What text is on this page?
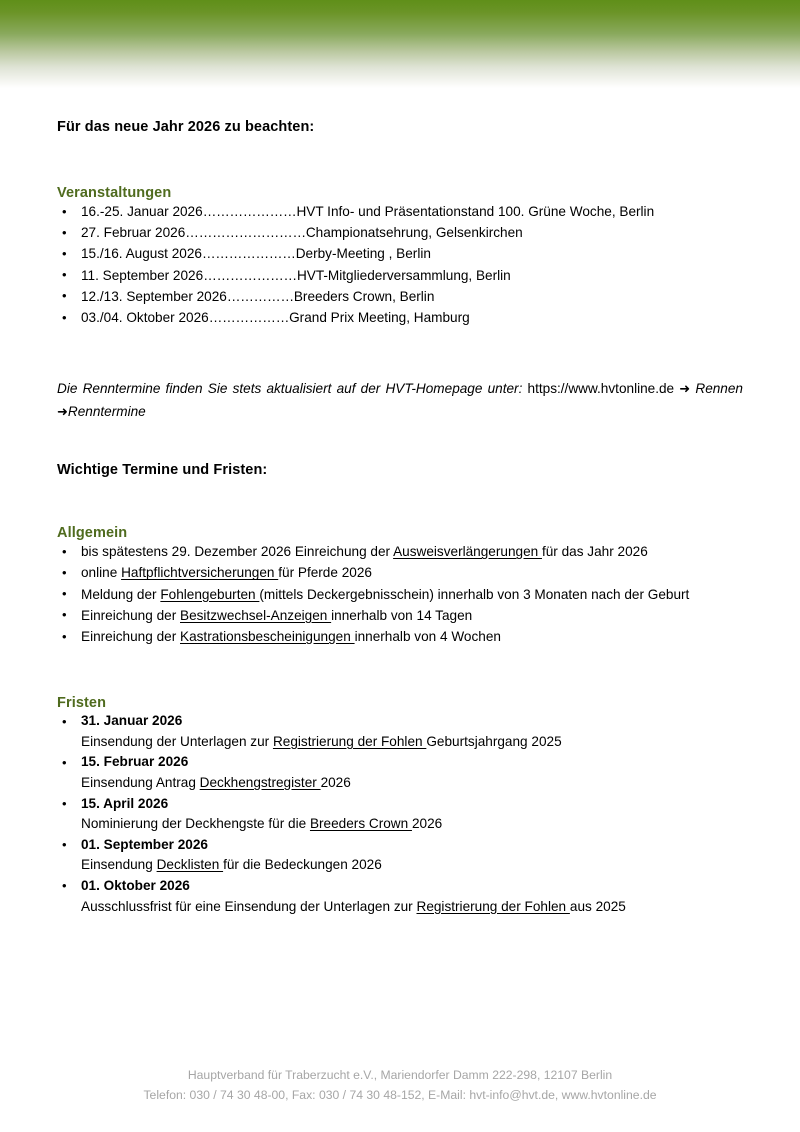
Für das neue Jahr 2026 zu beachten:
Veranstaltungen
• 16.-25. Januar 2026…………………HVT Info- und Präsentationstand 100. Grüne Woche, Berlin
• 27. Februar 2026………………………Championatsehrung, Gelsenkirchen
• 15./16. August 2026…………………Derby-Meeting , Berlin
• 11. September 2026…………………HVT-Mitgliederversammlung, Berlin
• 12./13. September 2026……………Breeders Crown, Berlin
• 03./04. Oktober 2026………………Grand Prix Meeting, Hamburg

Die Renntermine finden Sie stets aktualisiert auf der HVT-Homepage unter: https://www.hvtonline.de ➜ Rennen ➜Renntermine

Wichtige Termine und Fristen:
Allgemein
• bis spätestens 29. Dezember 2026 Einreichung der Ausweisverlängerungen für das Jahr 2026
• online Haftpflichtversicherungen für Pferde 2026
• Meldung der Fohlengeburten (mittels Deckergebnisschein) innerhalb von 3 Monaten nach der Geburt
• Einreichung der Besitzwechsel-Anzeigen innerhalb von 14 Tagen
• Einreichung der Kastrationsbescheinigungen innerhalb von 4 Wochen
Fristen
• 31. Januar 2026
Einsendung der Unterlagen zur Registrierung der Fohlen Geburtsjahrgang 2025
• 15. Februar 2026
Einsendung Antrag Deckhengstregister 2026
• 15. April 2026
Nominierung der Deckhengste für die Breeders Crown 2026
• 01. September 2026
Einsendung Decklisten für die Bedeckungen 2026
• 01. Oktober 2026
Ausschlussfrist für eine Einsendung der Unterlagen zur Registrierung der Fohlen aus 2025
Hauptverband für Traberzucht e.V., Mariendorfer Damm 222-298, 12107 Berlin
Telefon: 030 / 74 30 48-00, Fax: 030 / 74 30 48-152, E-Mail: hvt-info@hvt.de, www.hvtonline.de
